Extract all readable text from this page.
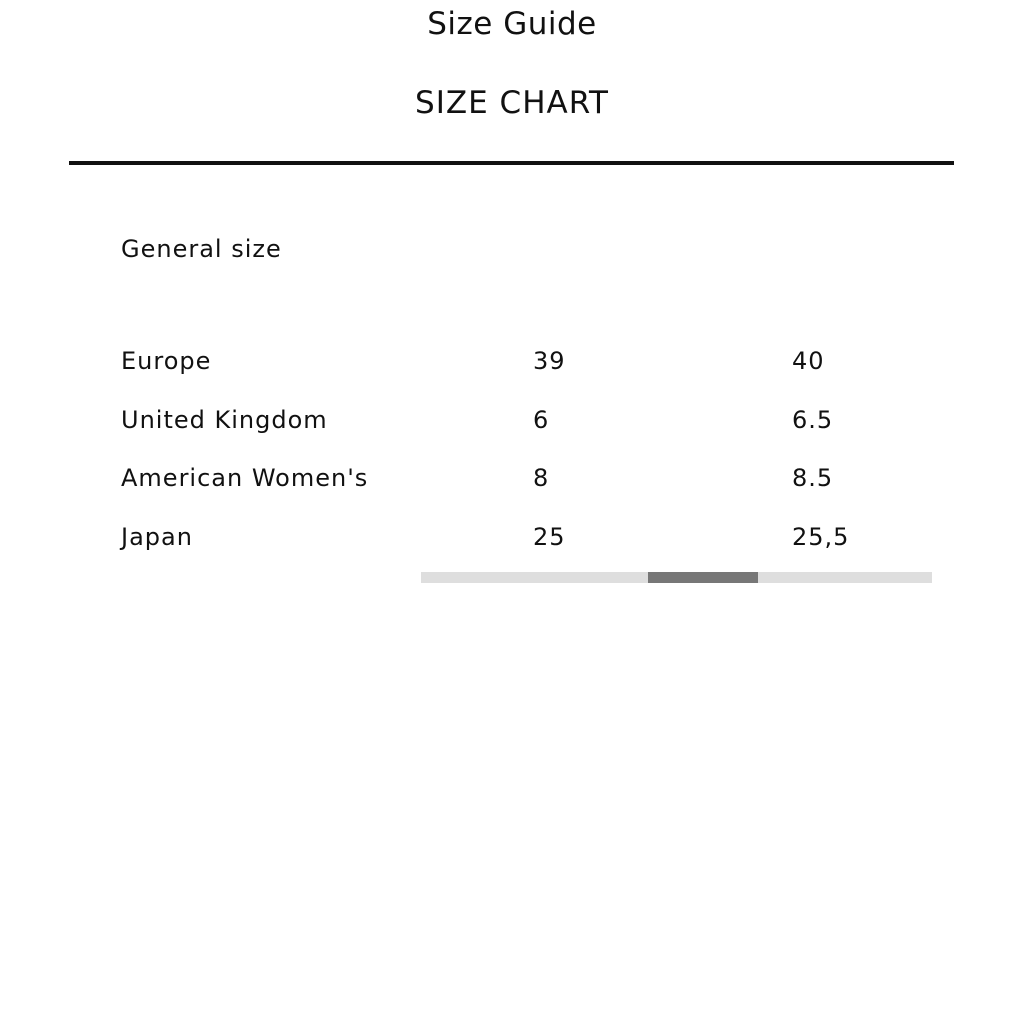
Size Guide
SIZE CHART
General size
Europe	39	40
United Kingdom	6	6.5
American Women's	8	8.5
Japan	25	25,5
